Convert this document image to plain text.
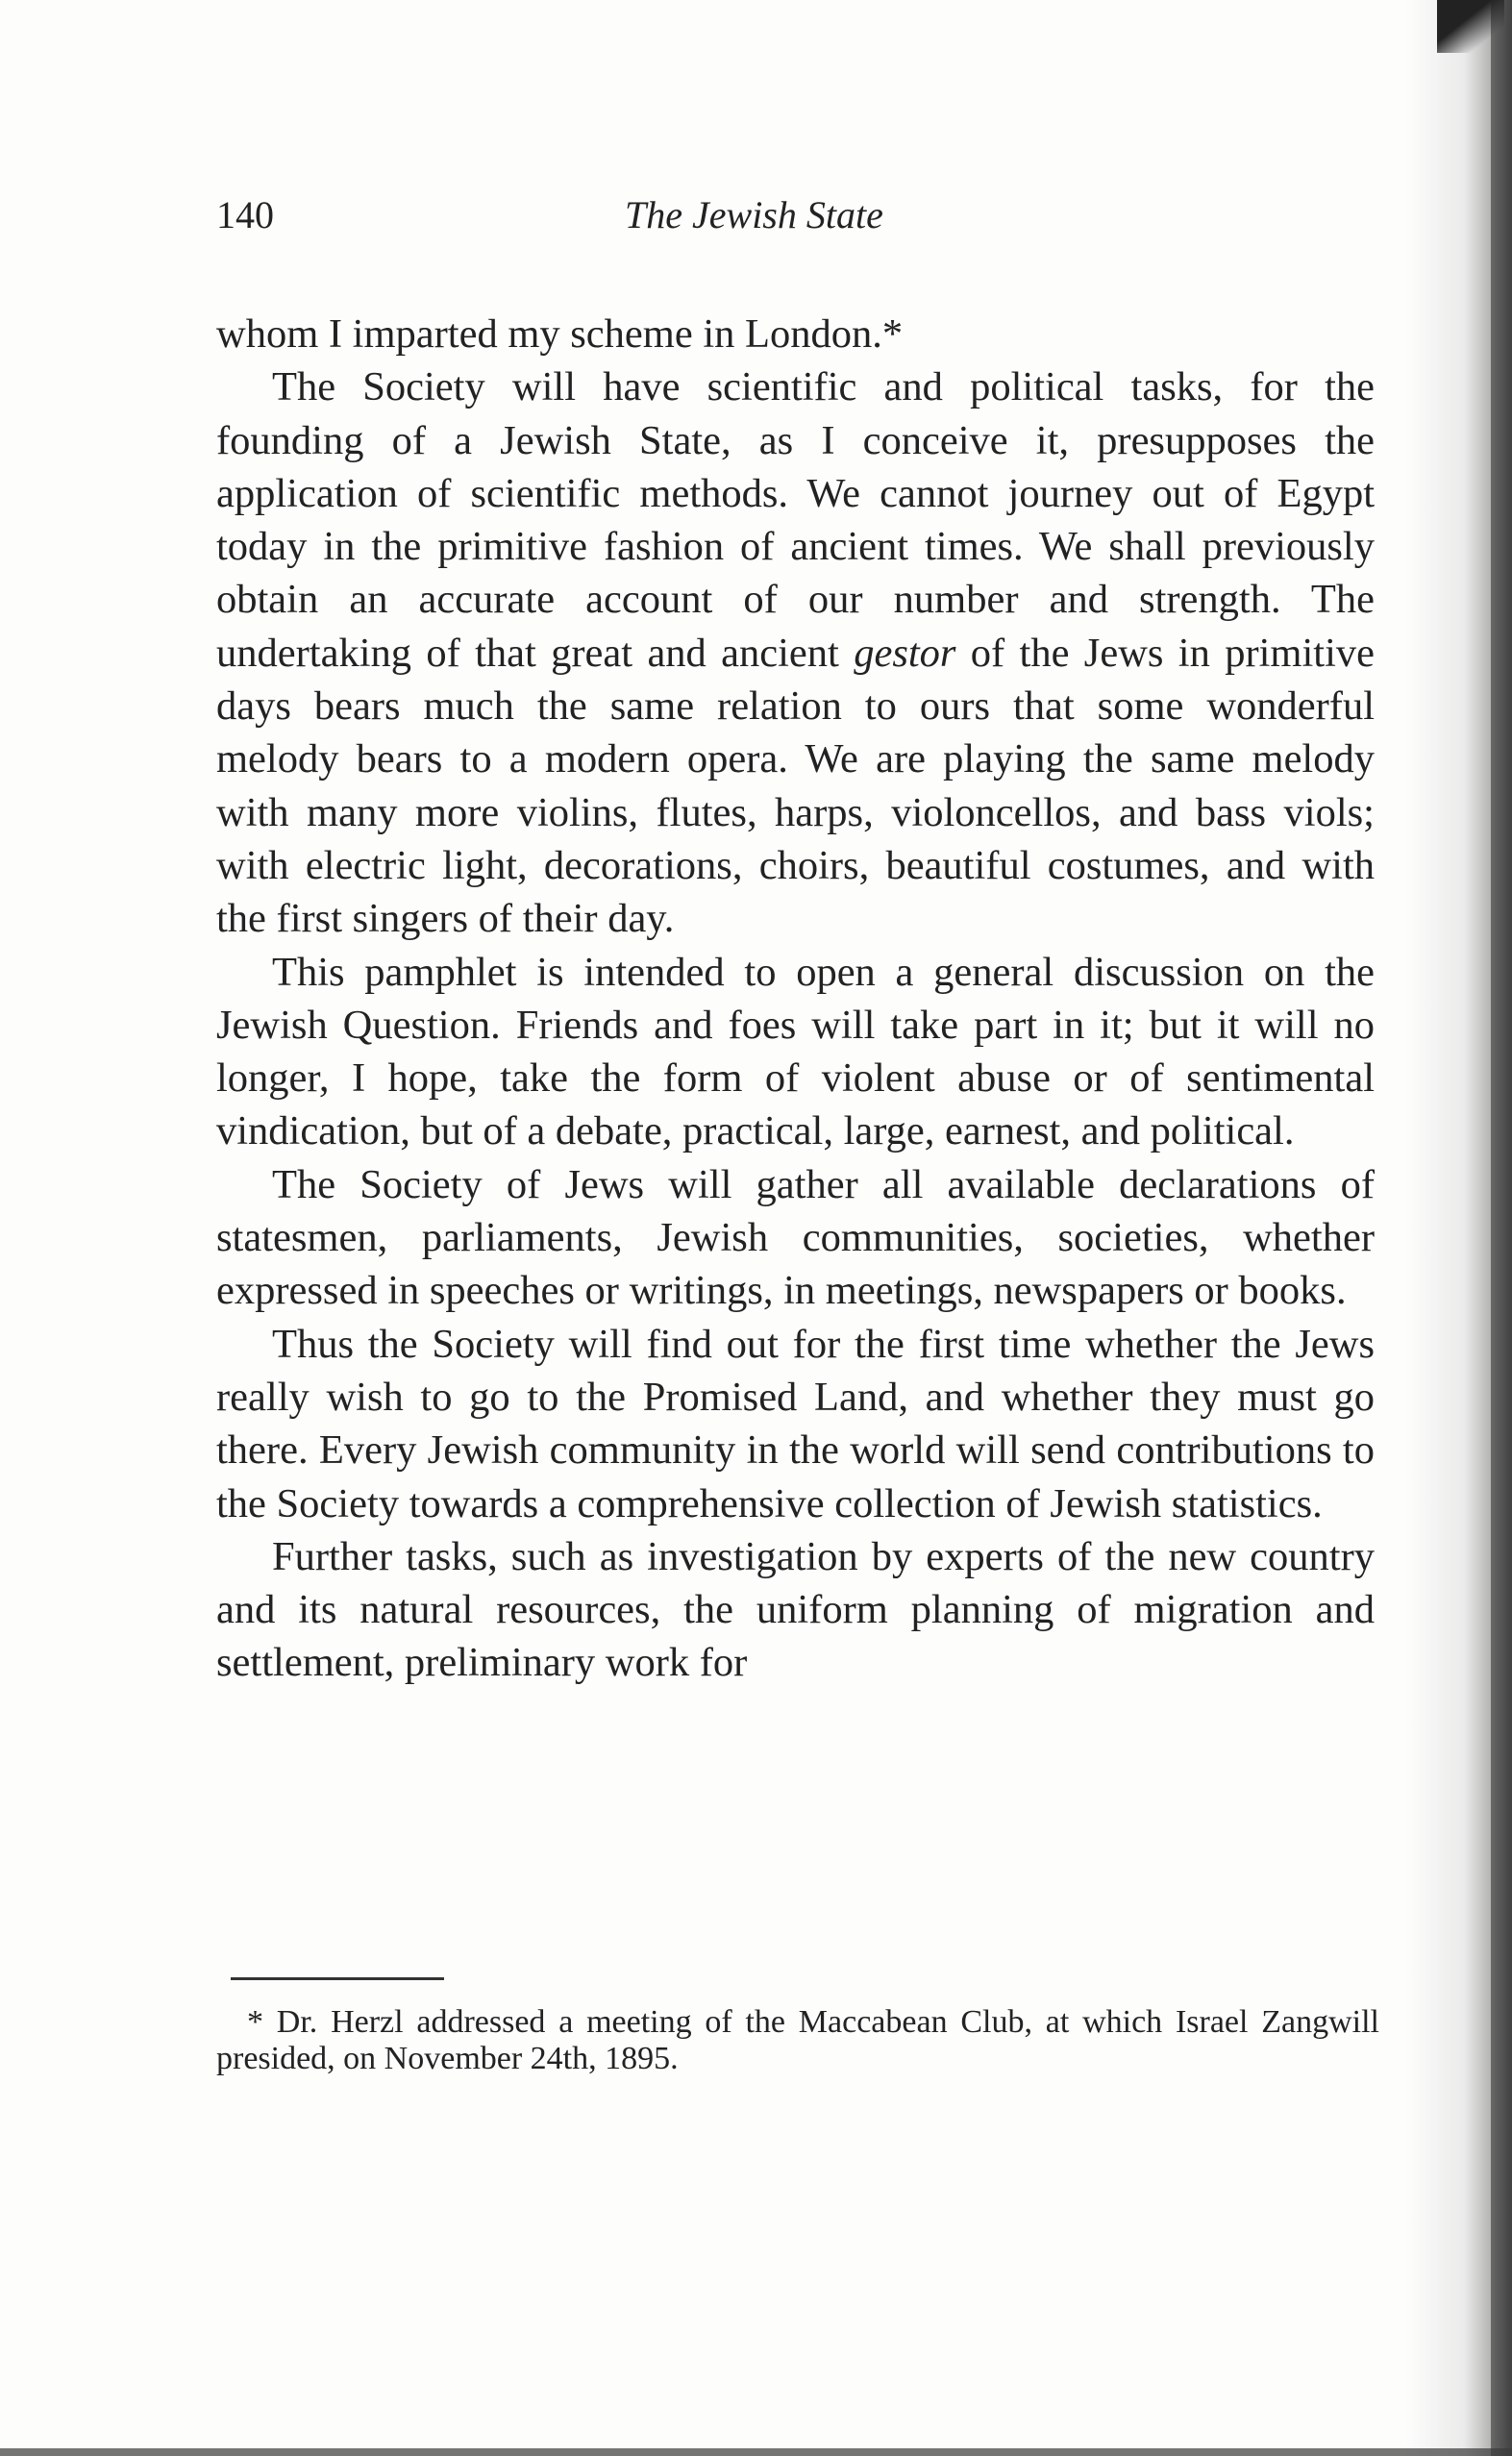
140	The Jewish State

whom I imparted my scheme in London.*

The Society will have scientific and political tasks, for the founding of a Jewish State, as I conceive it, presupposes the application of scientific methods. We cannot journey out of Egypt today in the primitive fashion of ancient times. We shall previously obtain an accurate account of our number and strength. The undertaking of that great and ancient gestor of the Jews in primitive days bears much the same relation to ours that some wonderful melody bears to a modern opera. We are playing the same melody with many more violins, flutes, harps, violoncellos, and bass viols; with electric light, decorations, choirs, beautiful costumes, and with the first singers of their day.

This pamphlet is intended to open a general discussion on the Jewish Question. Friends and foes will take part in it; but it will no longer, I hope, take the form of violent abuse or of sentimental vindication, but of a debate, practical, large, earnest, and political.

The Society of Jews will gather all available declarations of statesmen, parliaments, Jewish communities, societies, whether expressed in speeches or writings, in meetings, newspapers or books.

Thus the Society will find out for the first time whether the Jews really wish to go to the Promised Land, and whether they must go there. Every Jewish community in the world will send contributions to the Society towards a comprehensive collection of Jewish statistics.

Further tasks, such as investigation by experts of the new country and its natural resources, the uniform planning of migration and settlement, preliminary work for

* Dr. Herzl addressed a meeting of the Maccabean Club, at which Israel Zangwill presided, on November 24th, 1895.
